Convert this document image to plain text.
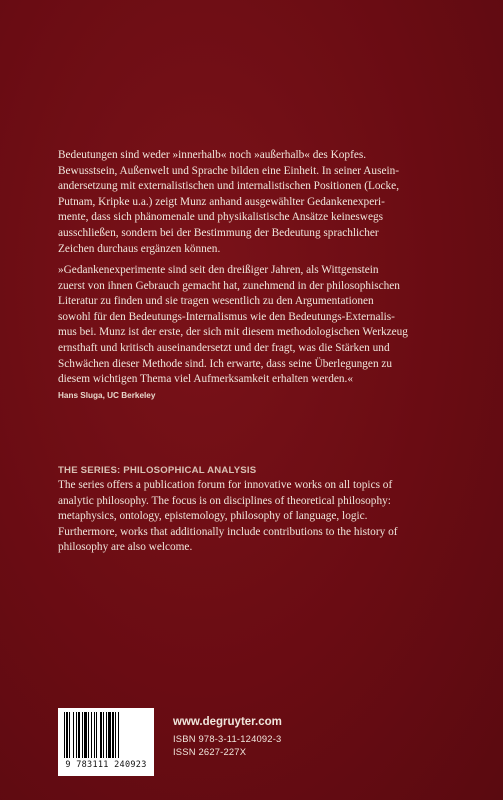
Bedeutungen sind weder »innerhalb« noch »außerhalb« des Kopfes.
Bewusstsein, Außenwelt und Sprache bilden eine Einheit. In seiner Ausein-
andersetzung mit externalistischen und internalistischen Positionen (Locke,
Putnam, Kripke u.a.) zeigt Munz anhand ausgewählter Gedankenexperi-
mente, dass sich phänomenale und physikalistische Ansätze keineswegs
ausschließen, sondern bei der Bestimmung der Bedeutung sprachlicher
Zeichen durchaus ergänzen können.
»Gedankenexperimente sind seit den dreißiger Jahren, als Wittgenstein
zuerst von ihnen Gebrauch gemacht hat, zunehmend in der philosophischen
Literatur zu finden und sie tragen wesentlich zu den Argumentationen
sowohl für den Bedeutungs-Internalismus wie den Bedeutungs-Externalis-
mus bei. Munz ist der erste, der sich mit diesem methodologischen Werkzeug
ernsthaft und kritisch auseinandersetzt und der fragt, was die Stärken und
Schwächen dieser Methode sind. Ich erwarte, dass seine Überlegungen zu
diesem wichtigen Thema viel Aufmerksamkeit erhalten werden.«
Hans Sluga, UC Berkeley
THE SERIES: PHILOSOPHICAL ANALYSIS
The series offers a publication forum for innovative works on all topics of
analytic philosophy. The focus is on disciplines of theoretical philosophy:
metaphysics, ontology, epistemology, philosophy of language, logic.
Furthermore, works that additionally include contributions to the history of
philosophy are also welcome.
9 783111 240923
www.degruyter.com
ISBN 978-3-11-124092-3
ISSN 2627-227X
